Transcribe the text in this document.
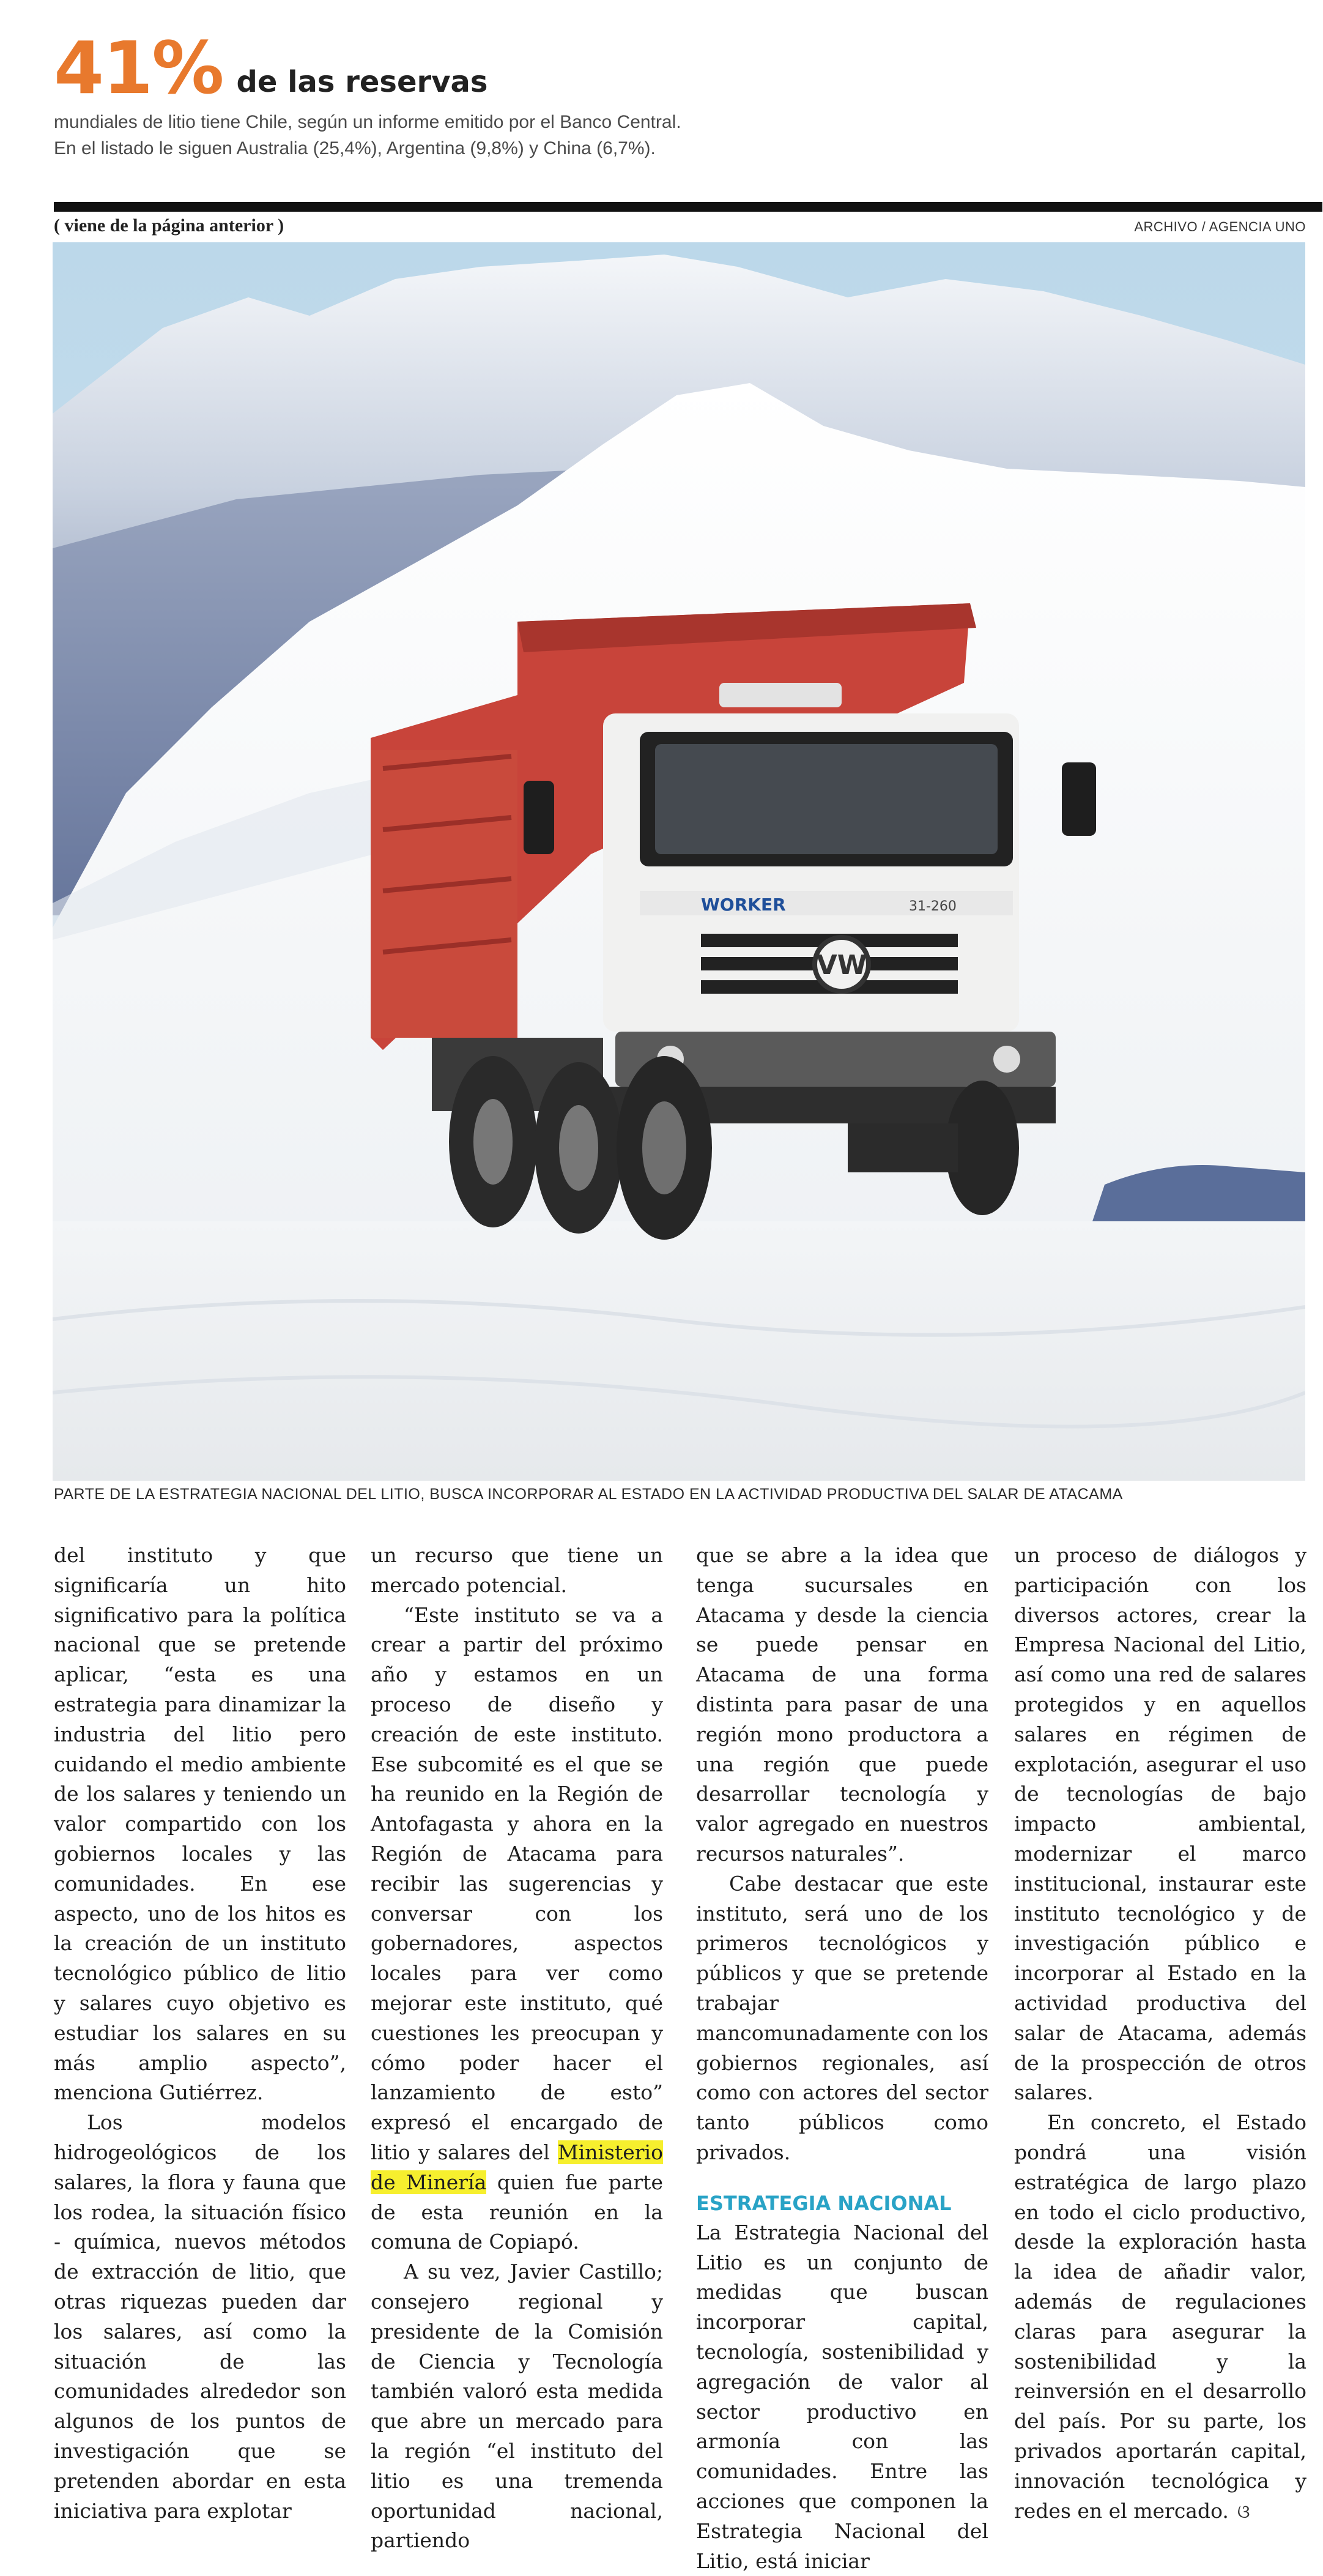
41% de las reservas
mundiales de litio tiene Chile, según un informe emitido por el Banco Central. En el listado le siguen Australia (25,4%), Argentina (9,8%) y China (6,7%).
( viene de la página anterior )	ARCHIVO / AGENCIA UNO
WORKER	31-260
VW
PARTE DE LA ESTRATEGIA NACIONAL DEL LITIO, BUSCA INCORPORAR AL ESTADO EN LA ACTIVIDAD PRODUCTIVA DEL SALAR DE ATACAMA

del instituto y que significaría un hito significativo para la política nacional que se pretende aplicar, “esta es una estrategia para dinamizar la industria del litio pero cuidando el medio ambiente de los salares y teniendo un valor compartido con los gobiernos locales y las comunidades. En ese aspecto, uno de los hitos es la creación de un instituto tecnológico público de litio y salares cuyo objetivo es estudiar los salares en su más amplio aspecto”, menciona Gutiérrez.

Los modelos hidrogeológicos de los salares, la flora y fauna que los rodea, la situación físico - química, nuevos métodos de extracción de litio, que otras riquezas pueden dar los salares, así como la situación de las comunidades alrededor son algunos de los puntos de investigación que se pretenden abordar en esta iniciativa para explotar

un recurso que tiene un mercado potencial.

“Este instituto se va a crear a partir del próximo año y estamos en un proceso de diseño y creación de este instituto. Ese subcomité es el que se ha reunido en la Región de Antofagasta y ahora en la Región de Atacama para recibir las sugerencias y conversar con los gobernadores, aspectos locales para ver como mejorar este instituto, qué cuestiones les preocupan y cómo poder hacer el lanzamiento de esto” expresó el encargado de litio y salares del Ministerio de Minería quien fue parte de esta reunión en la comuna de Copiapó.

A su vez, Javier Castillo; consejero regional y presidente de la Comisión de Ciencia y Tecnología también valoró esta medida que abre un mercado para la región “el instituto del litio es una tremenda oportunidad nacional, partiendo

que se abre a la idea que tenga sucursales en Atacama y desde la ciencia se puede pensar en Atacama de una forma distinta para pasar de una región mono productora a una región que puede desarrollar tecnología y valor agregado en nuestros recursos naturales”.

Cabe destacar que este instituto, será uno de los primeros tecnológicos y públicos y que se pretende trabajar mancomunadamente con los gobiernos regionales, así como con actores del sector tanto públicos como privados.

ESTRATEGIA NACIONAL

La Estrategia Nacional del Litio es un conjunto de medidas que buscan incorporar capital, tecnología, sostenibilidad y agregación de valor al sector productivo en armonía con las comunidades. Entre las acciones que componen la Estrategia Nacional del Litio, está iniciar

un proceso de diálogos y participación con los diversos actores, crear la Empresa Nacional del Litio, así como una red de salares protegidos y en aquellos salares en régimen de explotación, asegurar el uso de tecnologías de bajo impacto ambiental, modernizar el marco institucional, instaurar este instituto tecnológico y de investigación público e incorporar al Estado en la actividad productiva del salar de Atacama, además de la prospección de otros salares.

En concreto, el Estado pondrá una visión estratégica de largo plazo en todo el ciclo productivo, desde la exploración hasta la idea de añadir valor, además de regulaciones claras para asegurar la sostenibilidad y la reinversión en el desarrollo del país. Por su parte, los privados aportarán capital, innovación tecnológica y redes en el mercado. ଓ
